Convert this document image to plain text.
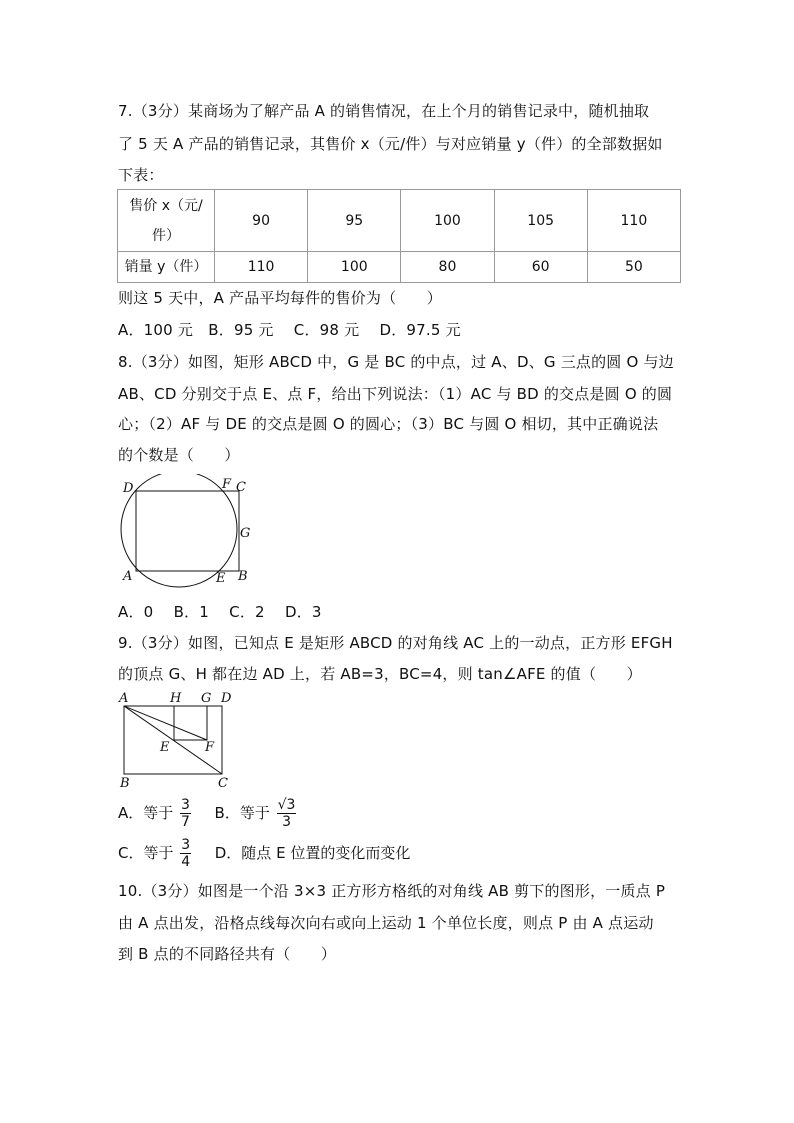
7.（3分）某商场为了解产品 A 的销售情况，在上个月的销售记录中，随机抽取
了 5 天 A 产品的销售记录，其售价 x（元/件）与对应销量 y（件）的全部数据如
下表：
售价 x（元/
件）	90	95	100	105	110
销量 y（件）	110	100	80	60	50
则这 5 天中，A 产品平均每件的售价为（　　）
A．100 元　B．95 元　 C．98 元　 D．97.5 元
8.（3分）如图，矩形 ABCD 中，G 是 BC 的中点，过 A、D、G 三点的圆 O 与边
AB、CD 分别交于点 E、点 F，给出下列说法：（1）AC 与 BD 的交点是圆 O 的圆
心；（2）AF 与 DE 的交点是圆 O 的圆心；（3）BC 与圆 O 相切，其中正确说法
的个数是（　　）
D	F C
G
A	E B
A．0　 B．1　 C．2　 D．3
9.（3分）如图，已知点 E 是矩形 ABCD 的对角线 AC 上的一动点，正方形 EFGH
的顶点 G、H 都在边 AD 上，若 AB=3，BC=4，则 tan∠AFE 的值（　　）
A	H G D
E	F
B	C
A．等于 $\frac{3}{7}$ B．等于 $\frac{√3}{3}$
C．等于 $\frac{3}{4}$ D．随点 E 位置的变化而变化
10.（3分）如图是一个沿 3×3 正方形方格纸的对角线 AB 剪下的图形，一质点 P
由 A 点出发，沿格点线每次向右或向上运动 1 个单位长度，则点 P 由 A 点运动
到 B 点的不同路径共有（　　）
